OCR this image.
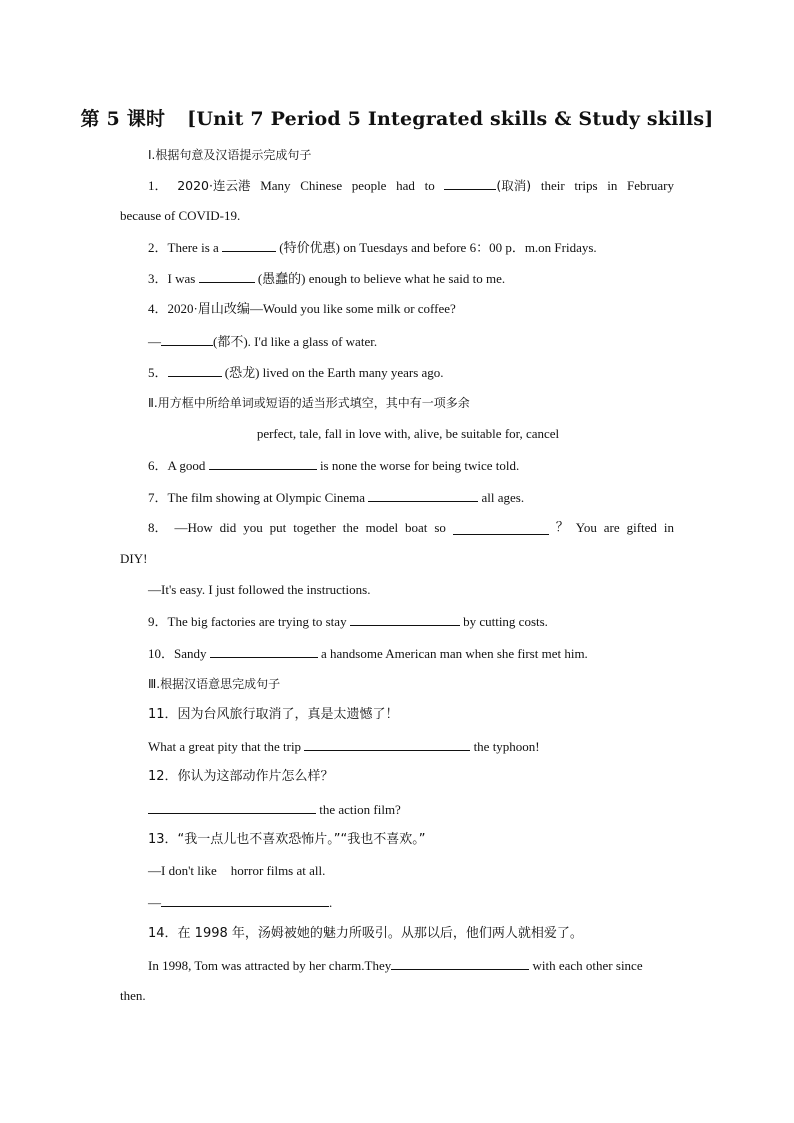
第 5 课时 [Unit 7 Period 5 Integrated skills & Study skills]
Ⅰ.根据句意及汉语提示完成句子
1． 2020·连云港 Many Chinese people had to	(取消) their trips in February
because of COVID-19.
2．There is a	(特价优惠) on Tuesdays and before 6：00 p．m.on Fridays.
3．I was	(愚蠢的) enough to believe what he said to me.
4．2020·眉山改编—Would you like some milk or coffee?
—	(都不). I'd like a glass of water.
5．	(恐龙) lived on the Earth many years ago.
Ⅱ.用方框中所给单词或短语的适当形式填空，其中有一项多余
perfect, tale, fall in love with, alive, be suitable for, cancel
6．A good	is none the worse for being twice told.
7．The film showing at Olympic Cinema	all ages.
8． —How did you put together the model boat so	？ You are gifted in
DIY!
—It's easy. I just followed the instructions.
9．The big factories are trying to stay	by cutting costs.
10．Sandy	a handsome American man when she first met him.
Ⅲ.根据汉语意思完成句子
11．因为台风旅行取消了，真是太遗憾了！
What a great pity that the trip	the typhoon!
12．你认为这部动作片怎么样？
the action film?
13．“我一点儿也不喜欢恐怖片。”“我也不喜欢。”
—I don't like horror films at all.
—	.
14．在 1998 年，汤姆被她的魅力所吸引。从那以后，他们两人就相爱了。
In 1998, Tom was attracted by her charm.They	with each other since
then.
